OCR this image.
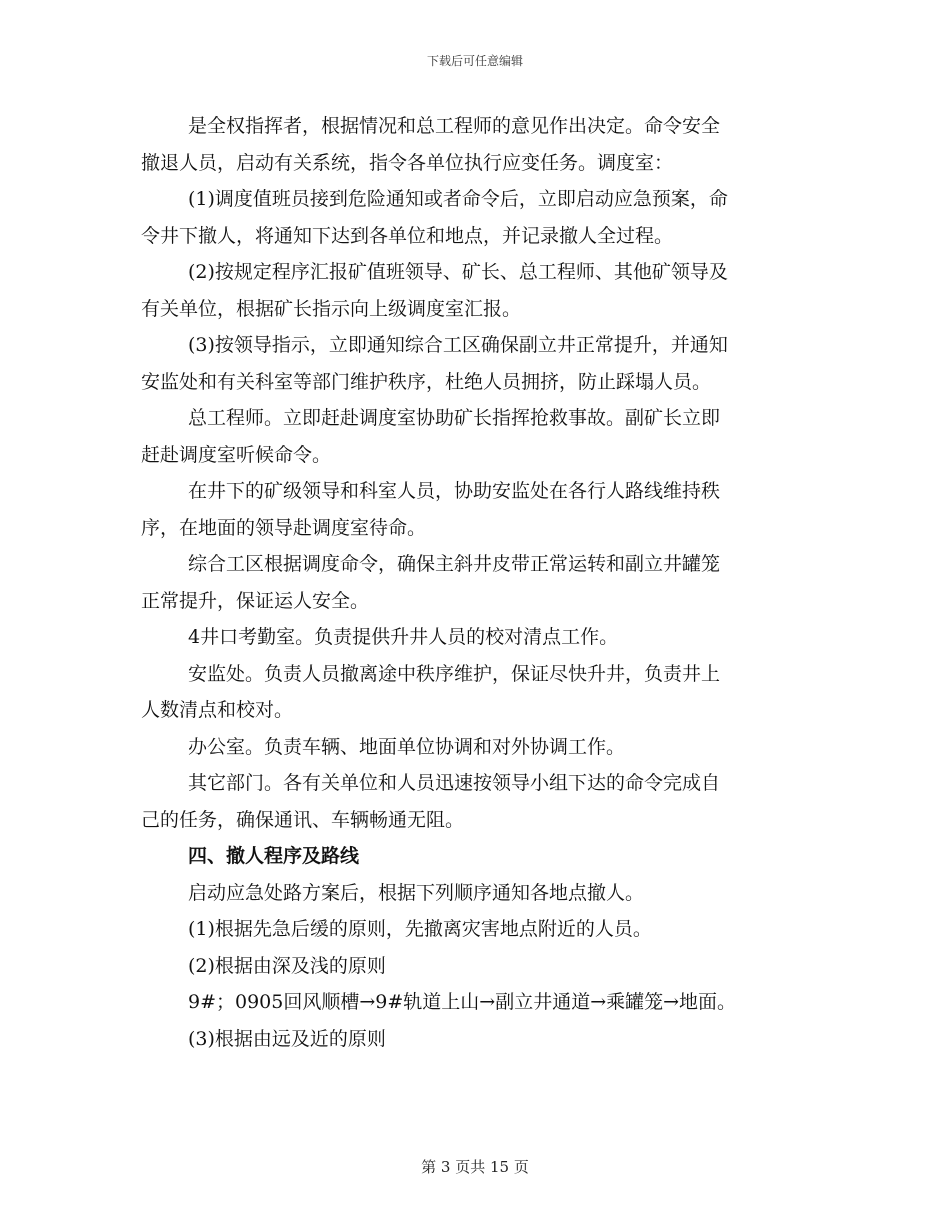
下载后可任意编辑
是全权指挥者，根据情况和总工程师的意见作出决定。命令安全
撤退人员，启动有关系统，指令各单位执行应变任务。调度室：
(1)调度值班员接到危险通知或者命令后，立即启动应急预案，命
令井下撤人，将通知下达到各单位和地点，并记录撤人全过程。
(2)按规定程序汇报矿值班领导、矿长、总工程师、其他矿领导及
有关单位，根据矿长指示向上级调度室汇报。
(3)按领导指示，立即通知综合工区确保副立井正常提升，并通知
安监处和有关科室等部门维护秩序，杜绝人员拥挤，防止踩塌人员。
总工程师。立即赶赴调度室协助矿长指挥抢救事故。副矿长立即
赶赴调度室听候命令。
在井下的矿级领导和科室人员，协助安监处在各行人路线维持秩
序，在地面的领导赴调度室待命。
综合工区根据调度命令，确保主斜井皮带正常运转和副立井罐笼
正常提升，保证运人安全。
4井口考勤室。负责提供升井人员的校对清点工作。
安监处。负责人员撤离途中秩序维护，保证尽快升井，负责井上
人数清点和校对。
办公室。负责车辆、地面单位协调和对外协调工作。
其它部门。各有关单位和人员迅速按领导小组下达的命令完成自
己的任务，确保通讯、车辆畅通无阻。
四、撤人程序及路线
启动应急处路方案后，根据下列顺序通知各地点撤人。
(1)根据先急后缓的原则，先撤离灾害地点附近的人员。
(2)根据由深及浅的原则
9#；0905回风顺槽→9#轨道上山→副立井通道→乘罐笼→地面。
(3)根据由远及近的原则
第 3 页共 15 页
